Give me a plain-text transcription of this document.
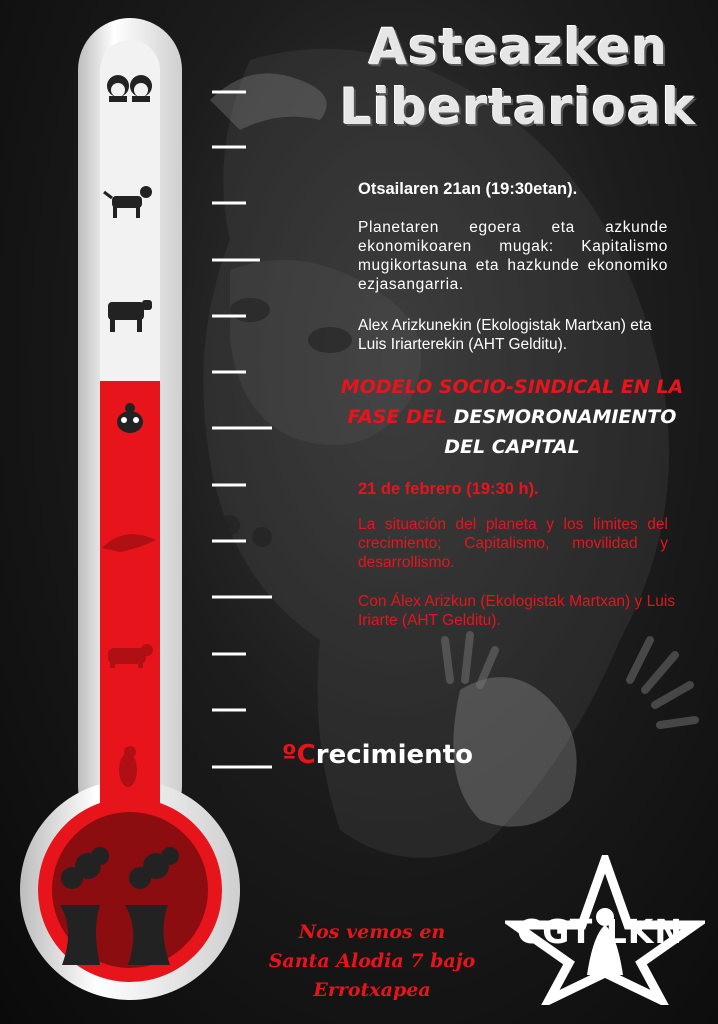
Asteazken
Libertarioak
Otsailaren 21an (19:30etan).
Planetaren egoera eta azkunde ekonomikoaren mugak: Kapitalismo mugikortasuna eta hazkunde ekonomiko ezjasangarria.
Alex Arizkunekin (Ekologistak Martxan) eta Luis Iriarterekin (AHT Gelditu).
MODELO SOCIO-SINDICAL EN LA
FASE DEL DESMORONAMIENTO
DEL CAPITAL
21 de febrero (19:30 h).
La situación del planeta y los límites del crecimiento; Capitalismo, movilidad y desarrollismo.
Con Álex Arizkun (Ekologistak Martxan) y Luis Iriarte (AHT Gelditu).
ºCrecimiento
Nos vemos en
Santa Alodia 7 bajo
Errotxapea
CGT LKN
